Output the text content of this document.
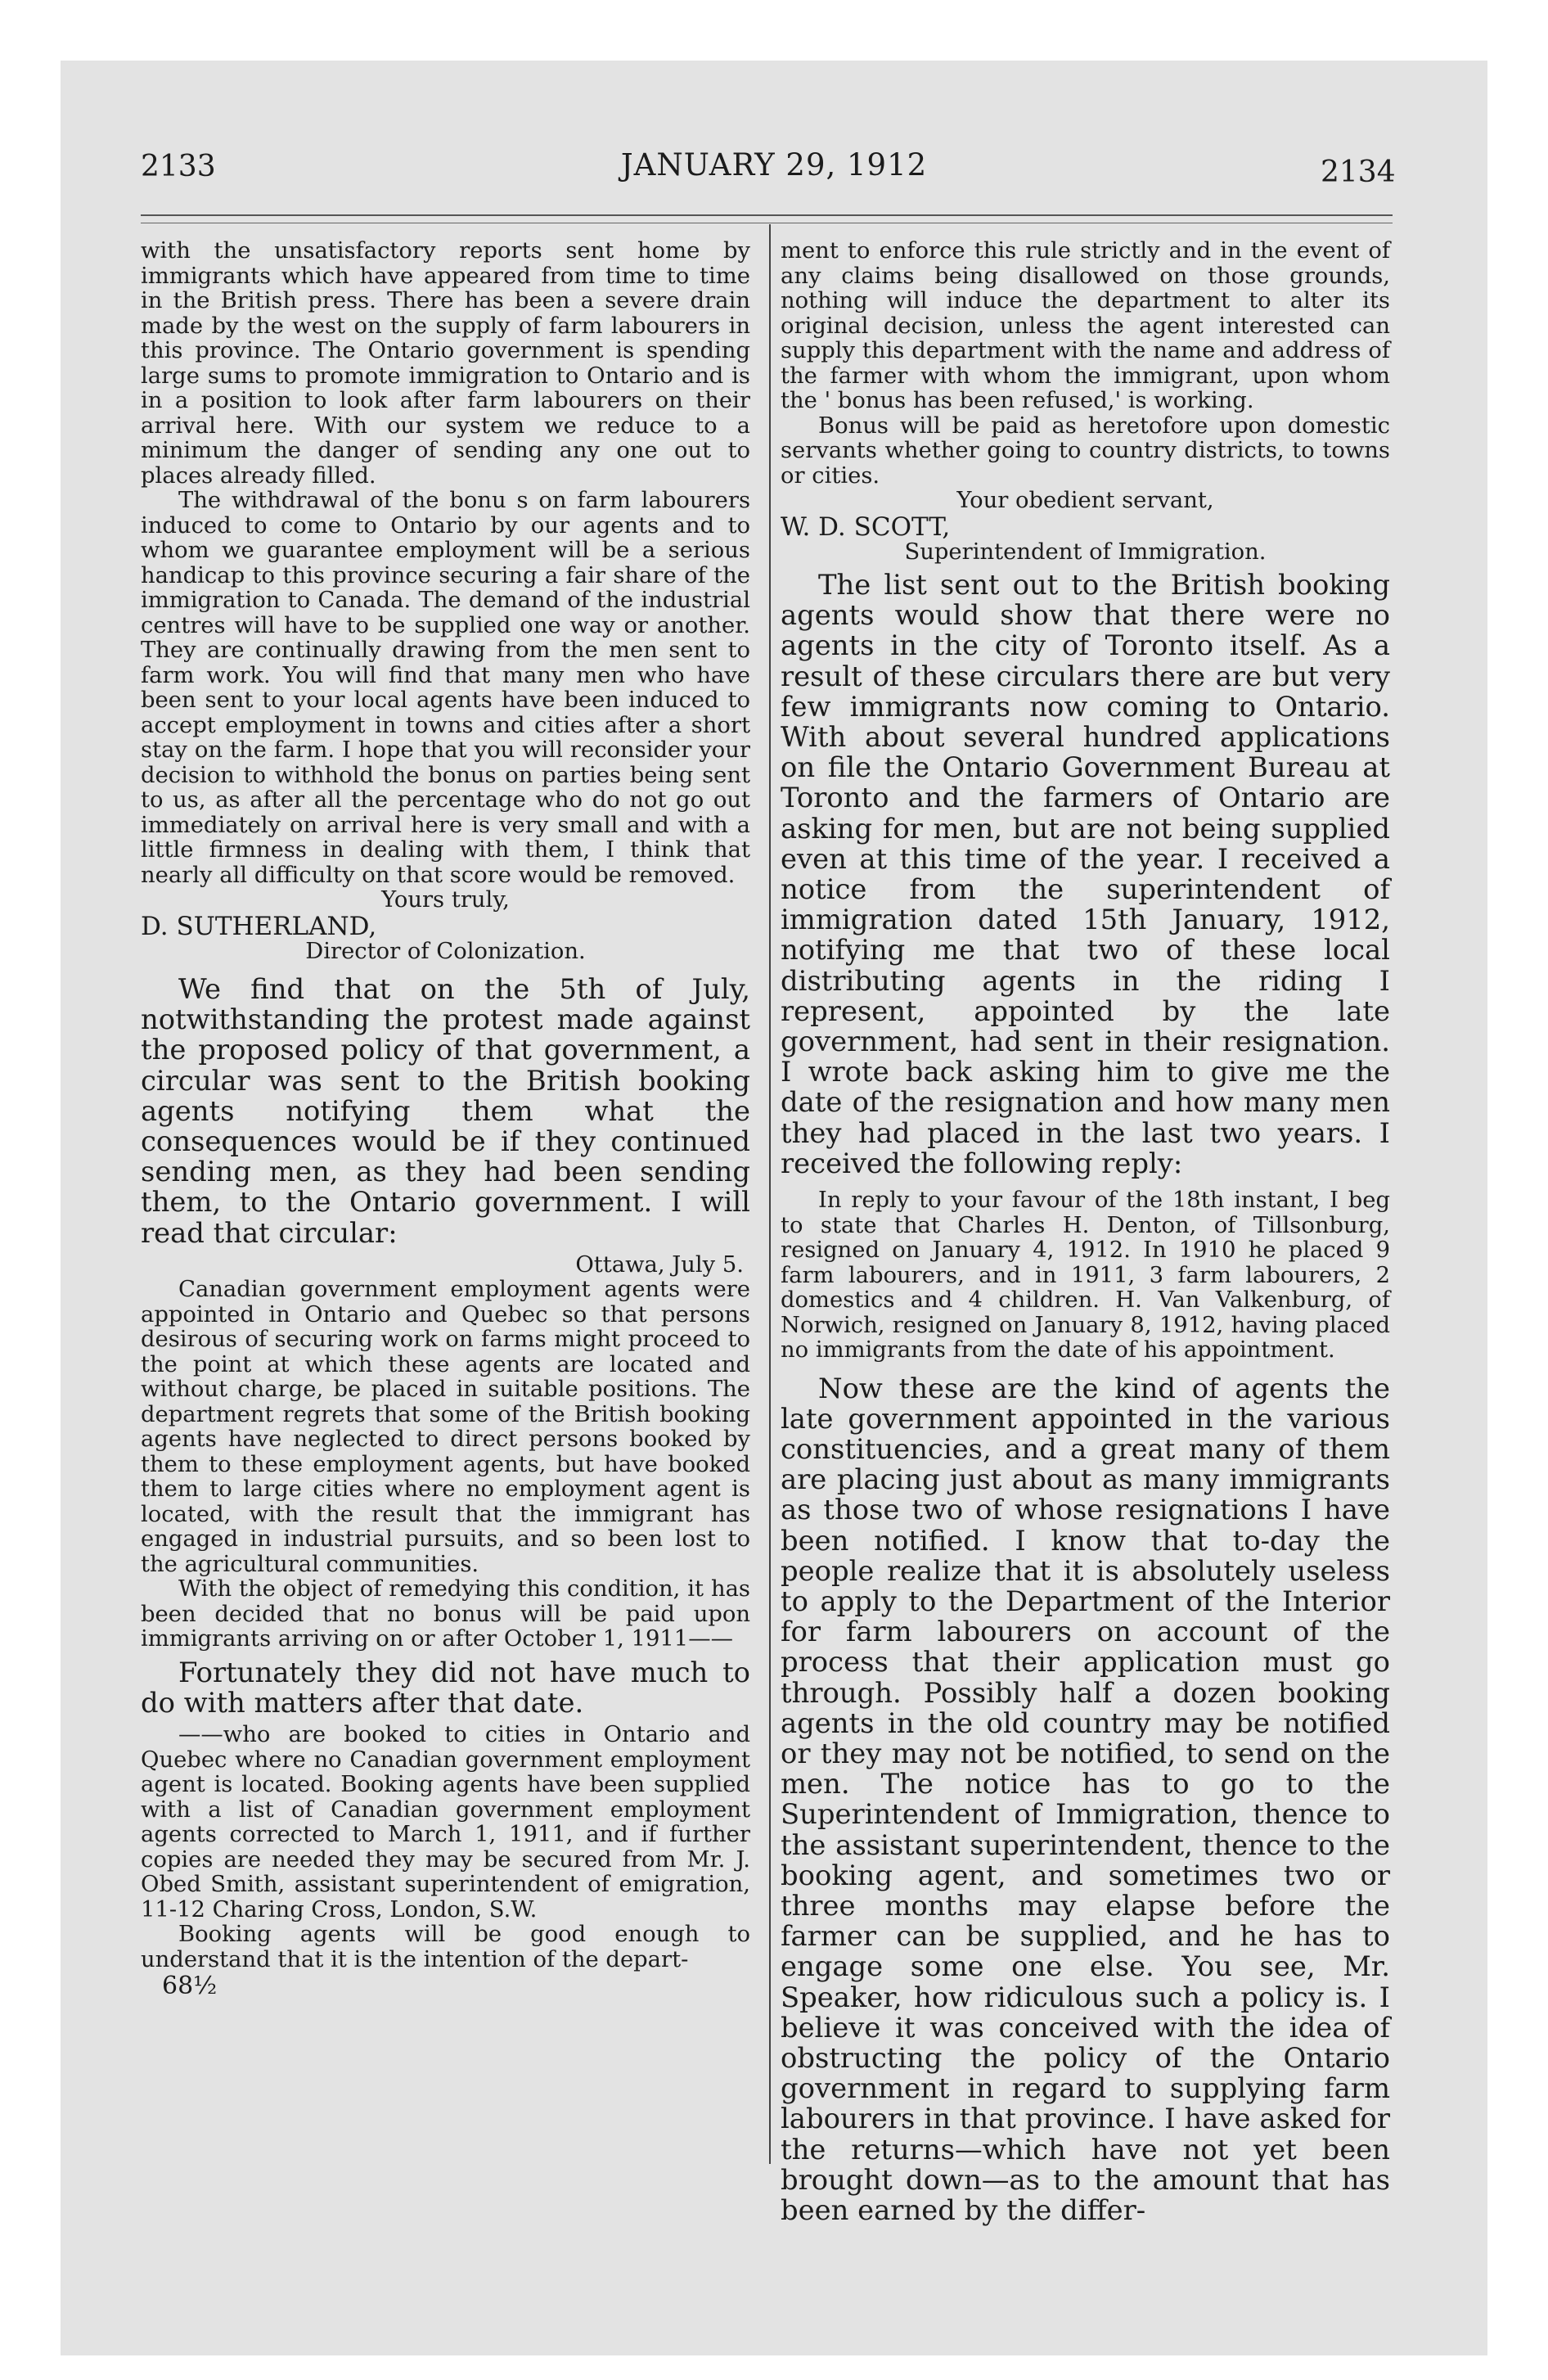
2133	JANUARY 29, 1912	2134

with the unsatisfactory reports sent home by immigrants which have appeared from time to time in the British press. There has been a severe drain made by the west on the supply of farm labourers in this province. The Ontario government is spending large sums to promote immigration to Ontario and is in a position to look after farm labourers on their arrival here. With our system we reduce to a minimum the danger of sending any one out to places already filled.

The withdrawal of the bonu s on farm labourers induced to come to Ontario by our agents and to whom we guarantee employment will be a serious handicap to this province securing a fair share of the immigration to Canada. The demand of the industrial centres will have to be supplied one way or another. They are continually drawing from the men sent to farm work. You will find that many men who have been sent to your local agents have been induced to accept employment in towns and cities after a short stay on the farm. I hope that you will reconsider your decision to withhold the bonus on parties being sent to us, as after all the percentage who do not go out immediately on arrival here is very small and with a little firmness in dealing with them, I think that nearly all difficulty on that score would be removed.

Yours truly,

D. SUTHERLAND,

Director of Colonization.

We find that on the 5th of July, notwithstanding the protest made against the proposed policy of that government, a circular was sent to the British booking agents notifying them what the consequences would be if they continued sending men, as they had been sending them, to the Ontario government. I will read that circular:

Ottawa, July 5.

Canadian government employment agents were appointed in Ontario and Quebec so that persons desirous of securing work on farms might proceed to the point at which these agents are located and without charge, be placed in suitable positions. The department regrets that some of the British booking agents have neglected to direct persons booked by them to these employment agents, but have booked them to large cities where no employment agent is located, with the result that the immigrant has engaged in industrial pursuits, and so been lost to the agricultural communities.

With the object of remedying this condition, it has been decided that no bonus will be paid upon immigrants arriving on or after October 1, 1911——

Fortunately they did not have much to do with matters after that date.

——who are booked to cities in Ontario and Quebec where no Canadian government employment agent is located. Booking agents have been supplied with a list of Canadian government employment agents corrected to March 1, 1911, and if further copies are needed they may be secured from Mr. J. Obed Smith, assistant superintendent of emigration, 11-12 Charing Cross, London, S.W.

Booking agents will be good enough to understand that it is the intention of the depart-

68½

ment to enforce this rule strictly and in the event of any claims being disallowed on those grounds, nothing will induce the department to alter its original decision, unless the agent interested can supply this department with the name and address of the farmer with whom the immigrant, upon whom the ' bonus has been refused,' is working.

Bonus will be paid as heretofore upon domestic servants whether going to country districts, to towns or cities.

Your obedient servant,

W. D. SCOTT,

Superintendent of Immigration.

The list sent out to the British booking agents would show that there were no agents in the city of Toronto itself. As a result of these circulars there are but very few immigrants now coming to Ontario. With about several hundred applications on file the Ontario Government Bureau at Toronto and the farmers of Ontario are asking for men, but are not being supplied even at this time of the year. I received a notice from the superintendent of immigration dated 15th January, 1912, notifying me that two of these local distributing agents in the riding I represent, appointed by the late government, had sent in their resignation. I wrote back asking him to give me the date of the resignation and how many men they had placed in the last two years. I received the following reply:

In reply to your favour of the 18th instant, I beg to state that Charles H. Denton, of Tillsonburg, resigned on January 4, 1912. In 1910 he placed 9 farm labourers, and in 1911, 3 farm labourers, 2 domestics and 4 children. H. Van Valkenburg, of Norwich, resigned on January 8, 1912, having placed no immigrants from the date of his appointment.

Now these are the kind of agents the late government appointed in the various constituencies, and a great many of them are placing just about as many immigrants as those two of whose resignations I have been notified. I know that to-day the people realize that it is absolutely useless to apply to the Department of the Interior for farm labourers on account of the process that their application must go through. Possibly half a dozen booking agents in the old country may be notified or they may not be notified, to send on the men. The notice has to go to the Superintendent of Immigration, thence to the assistant superintendent, thence to the booking agent, and sometimes two or three months may elapse before the farmer can be supplied, and he has to engage some one else. You see, Mr. Speaker, how ridiculous such a policy is. I believe it was conceived with the idea of obstructing the policy of the Ontario government in regard to supplying farm labourers in that province. I have asked for the returns—which have not yet been brought down—as to the amount that has been earned by the differ-
